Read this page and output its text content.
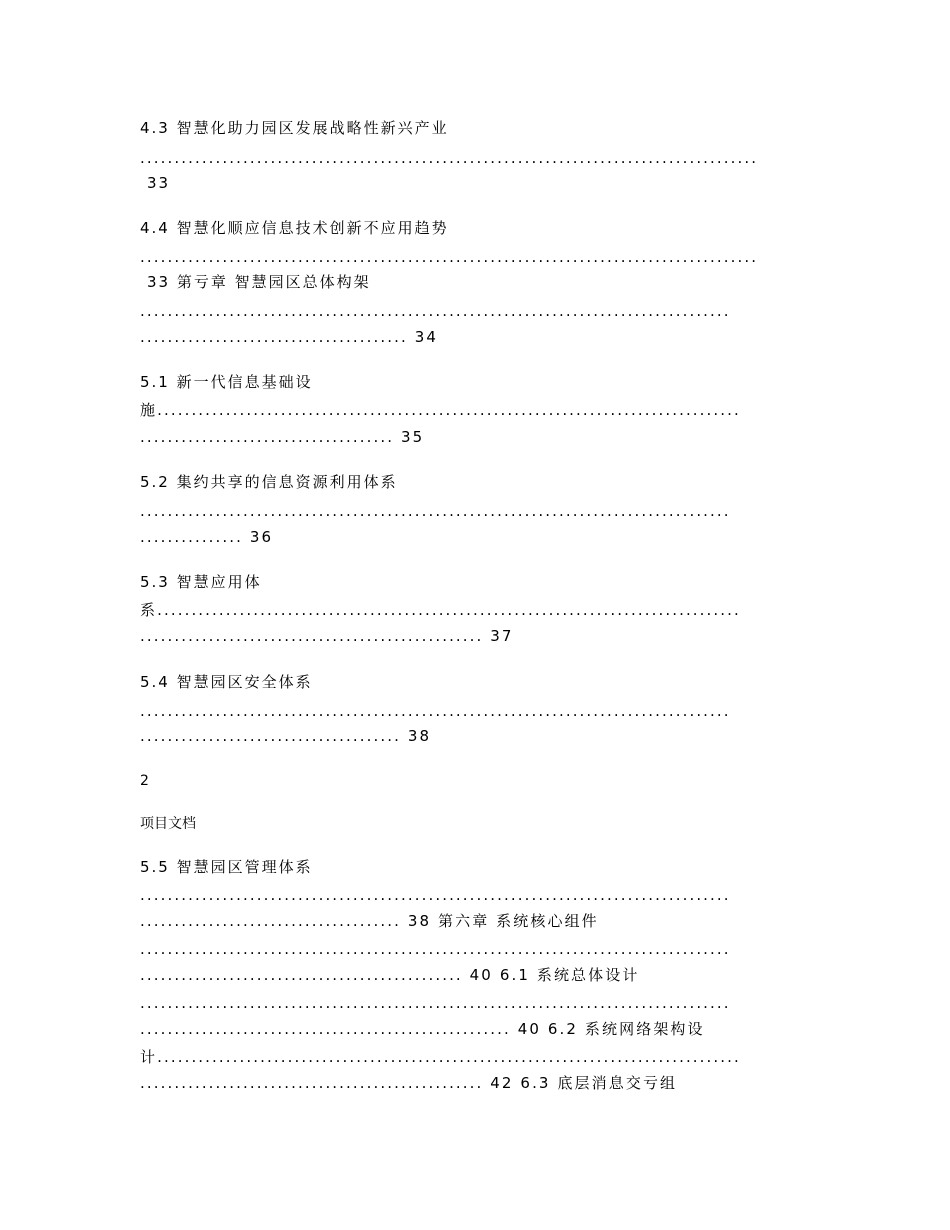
4.3 智慧化助力园区发展战略性新兴产业
..........................................................................................
33
4.4 智慧化顺应信息技术创新不应用趋势
..........................................................................................
33 第亏章 智慧园区总体构架
......................................................................................
....................................... 34
5.1 新一代信息基础设
施.....................................................................................
..................................... 35
5.2 集约共享的信息资源利用体系
......................................................................................
............... 36
5.3 智慧应用体
系.....................................................................................
.................................................. 37
5.4 智慧园区安全体系
......................................................................................
...................................... 38
2
项目文档
5.5 智慧园区管理体系
......................................................................................
...................................... 38 第六章 系统核心组件
......................................................................................
............................................... 40 6.1 系统总体设计
......................................................................................
...................................................... 40 6.2 系统网络架构设
计.....................................................................................
.................................................. 42 6.3 底层消息交亏组
